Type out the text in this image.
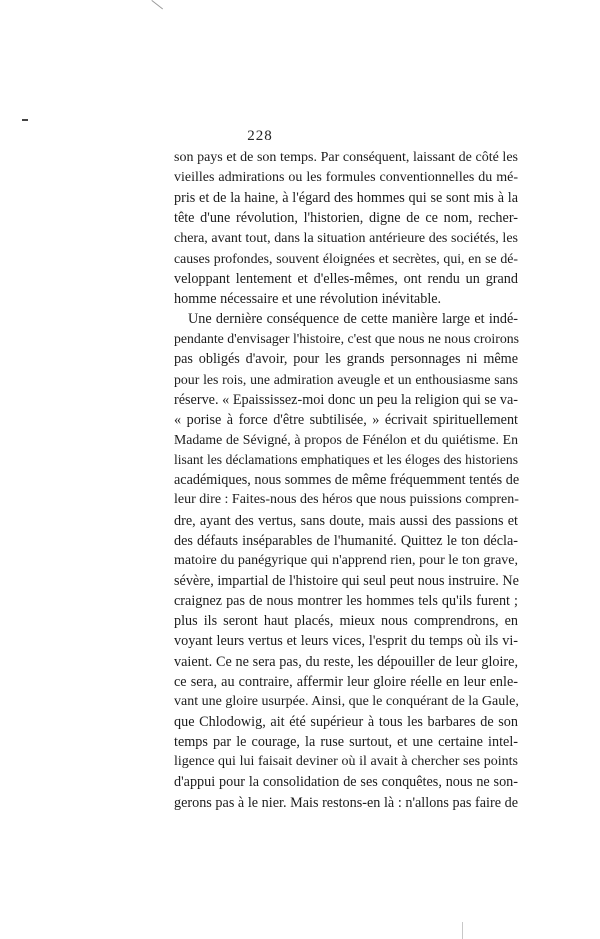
228
son pays et de son temps. Par conséquent, laissant de côté les
vieilles admirations ou les formules conventionnelles du mé-
pris et de la haine, à l'égard des hommes qui se sont mis à la
tête d'une révolution, l'historien, digne de ce nom, recher-
chera, avant tout, dans la situation antérieure des sociétés, les
causes profondes, souvent éloignées et secrètes, qui, en se dé-
veloppant lentement et d'elles-mêmes, ont rendu un grand
homme nécessaire et une révolution inévitable.
Une dernière conséquence de cette manière large et indé-
pendante d'envisager l'histoire, c'est que nous ne nous croirons
pas obligés d'avoir, pour les grands personnages ni même
pour les rois, une admiration aveugle et un enthousiasme sans
réserve. « Epaississez-moi donc un peu la religion qui se va-
« porise à force d'être subtilisée, » écrivait spirituellement
Madame de Sévigné, à propos de Fénélon et du quiétisme. En
lisant les déclamations emphatiques et les éloges des historiens
académiques, nous sommes de même fréquemment tentés de
leur dire : Faites-nous des héros que nous puissions compren-
dre, ayant des vertus, sans doute, mais aussi des passions et
des défauts inséparables de l'humanité. Quittez le ton décla-
matoire du panégyrique qui n'apprend rien, pour le ton grave,
sévère, impartial de l'histoire qui seul peut nous instruire. Ne
craignez pas de nous montrer les hommes tels qu'ils furent ;
plus ils seront haut placés, mieux nous comprendrons, en
voyant leurs vertus et leurs vices, l'esprit du temps où ils vi-
vaient. Ce ne sera pas, du reste, les dépouiller de leur gloire,
ce sera, au contraire, affermir leur gloire réelle en leur enle-
vant une gloire usurpée. Ainsi, que le conquérant de la Gaule,
que Chlodowig, ait été supérieur à tous les barbares de son
temps par le courage, la ruse surtout, et une certaine intel-
ligence qui lui faisait deviner où il avait à chercher ses points
d'appui pour la consolidation de ses conquêtes, nous ne son-
gerons pas à le nier. Mais restons-en là : n'allons pas faire de
